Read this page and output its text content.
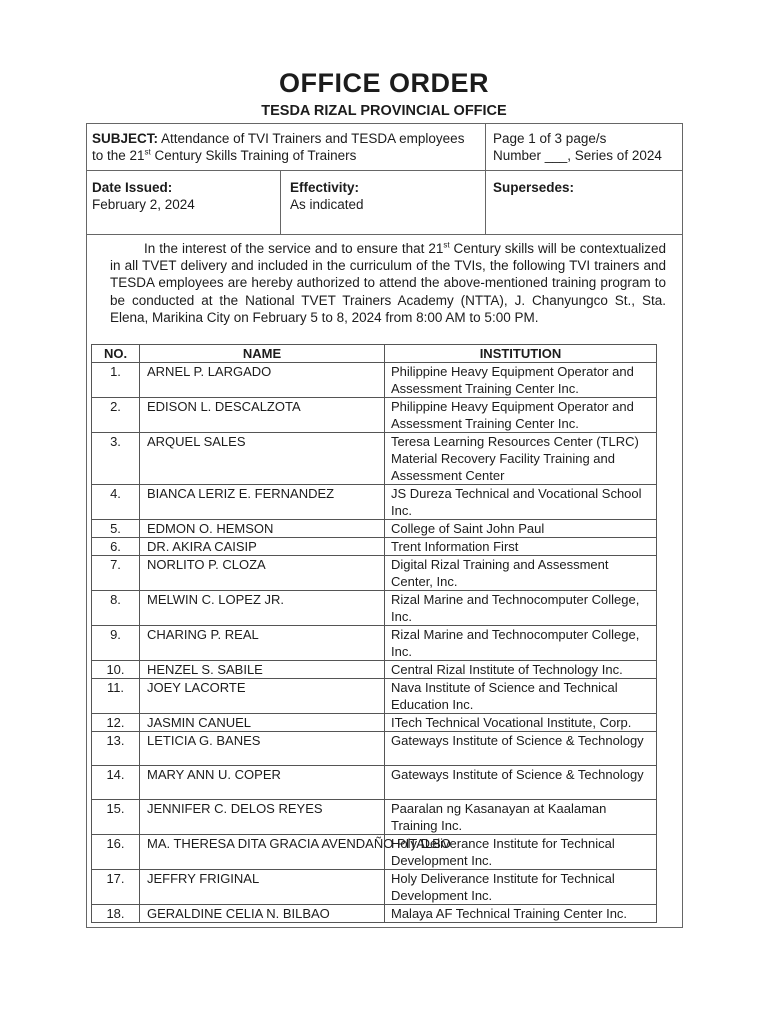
OFFICE ORDER
TESDA RIZAL PROVINCIAL OFFICE
SUBJECT: Attendance of TVI Trainers and TESDA employees
to the 21st Century Skills Training of Trainers
Page 1 of 3 page/s
Number ___, Series of 2024
Date Issued:
February 2, 2024
Effectivity:
As indicated
Supersedes:

In the interest of the service and to ensure that 21st Century skills will be contextualized in all TVET delivery and included in the curriculum of the TVIs, the following TVI trainers and TESDA employees are hereby authorized to attend the above-mentioned training program to be conducted at the National TVET Trainers Academy (NTTA), J. Chanyungco St., Sta. Elena, Marikina City on February 5 to 8, 2024 from 8:00 AM to 5:00 PM.

NO.	NAME	INSTITUTION
1.	ARNEL P. LARGADO	Philippine Heavy Equipment Operator and Assessment Training Center Inc.
2.	EDISON L. DESCALZOTA	Philippine Heavy Equipment Operator and Assessment Training Center Inc.
3.	ARQUEL SALES	Teresa Learning Resources Center (TLRC) Material Recovery Facility Training and Assessment Center
4.	BIANCA LERIZ E. FERNANDEZ	JS Dureza Technical and Vocational School Inc.
5.	EDMON O. HEMSON	College of Saint John Paul
6.	DR. AKIRA CAISIP	Trent Information First
7.	NORLITO P. CLOZA	Digital Rizal Training and Assessment Center, Inc.
8.	MELWIN C. LOPEZ JR.	Rizal Marine and Technocomputer College, Inc.
9.	CHARING P. REAL	Rizal Marine and Technocomputer College, Inc.
10.	HENZEL S. SABILE	Central Rizal Institute of Technology Inc.
11.	JOEY LACORTE	Nava Institute of Science and Technical Education Inc.
12.	JASMIN CANUEL	ITech Technical Vocational Institute, Corp.
13.	LETICIA G. BANES	Gateways Institute of Science & Technology
14.	MARY ANN U. COPER	Gateways Institute of Science & Technology
15.	JENNIFER C. DELOS REYES	Paaralan ng Kasanayan at Kaalaman Training Inc.
16.	MA. THERESA DITA GRACIA AVENDAÑO PITALBO	Holy Deliverance Institute for Technical Development Inc.
17.	JEFFRY FRIGINAL	Holy Deliverance Institute for Technical Development Inc.
18.	GERALDINE CELIA N. BILBAO	Malaya AF Technical Training Center Inc.
